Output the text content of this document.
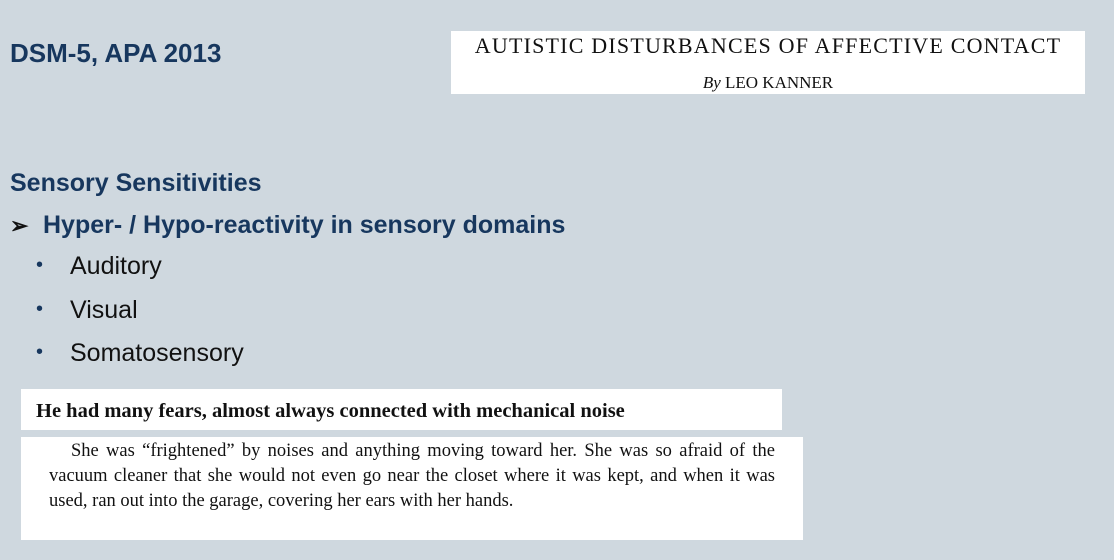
DSM-5, APA 2013	AUTISTIC DISTURBANCES OF AFFECTIVE CONTACT
By LEO KANNER
Sensory Sensitivities
➢ Hyper- / Hypo-reactivity in sensory domains
• Auditory
• Visual
• Somatosensory
He had many fears, almost always connected with mechanical noise
She was “frightened” by noises and anything moving toward her. She was so afraid of the vacuum cleaner that she would not even go near the closet where it was kept, and when it was used, ran out into the garage, covering her ears with her hands.
